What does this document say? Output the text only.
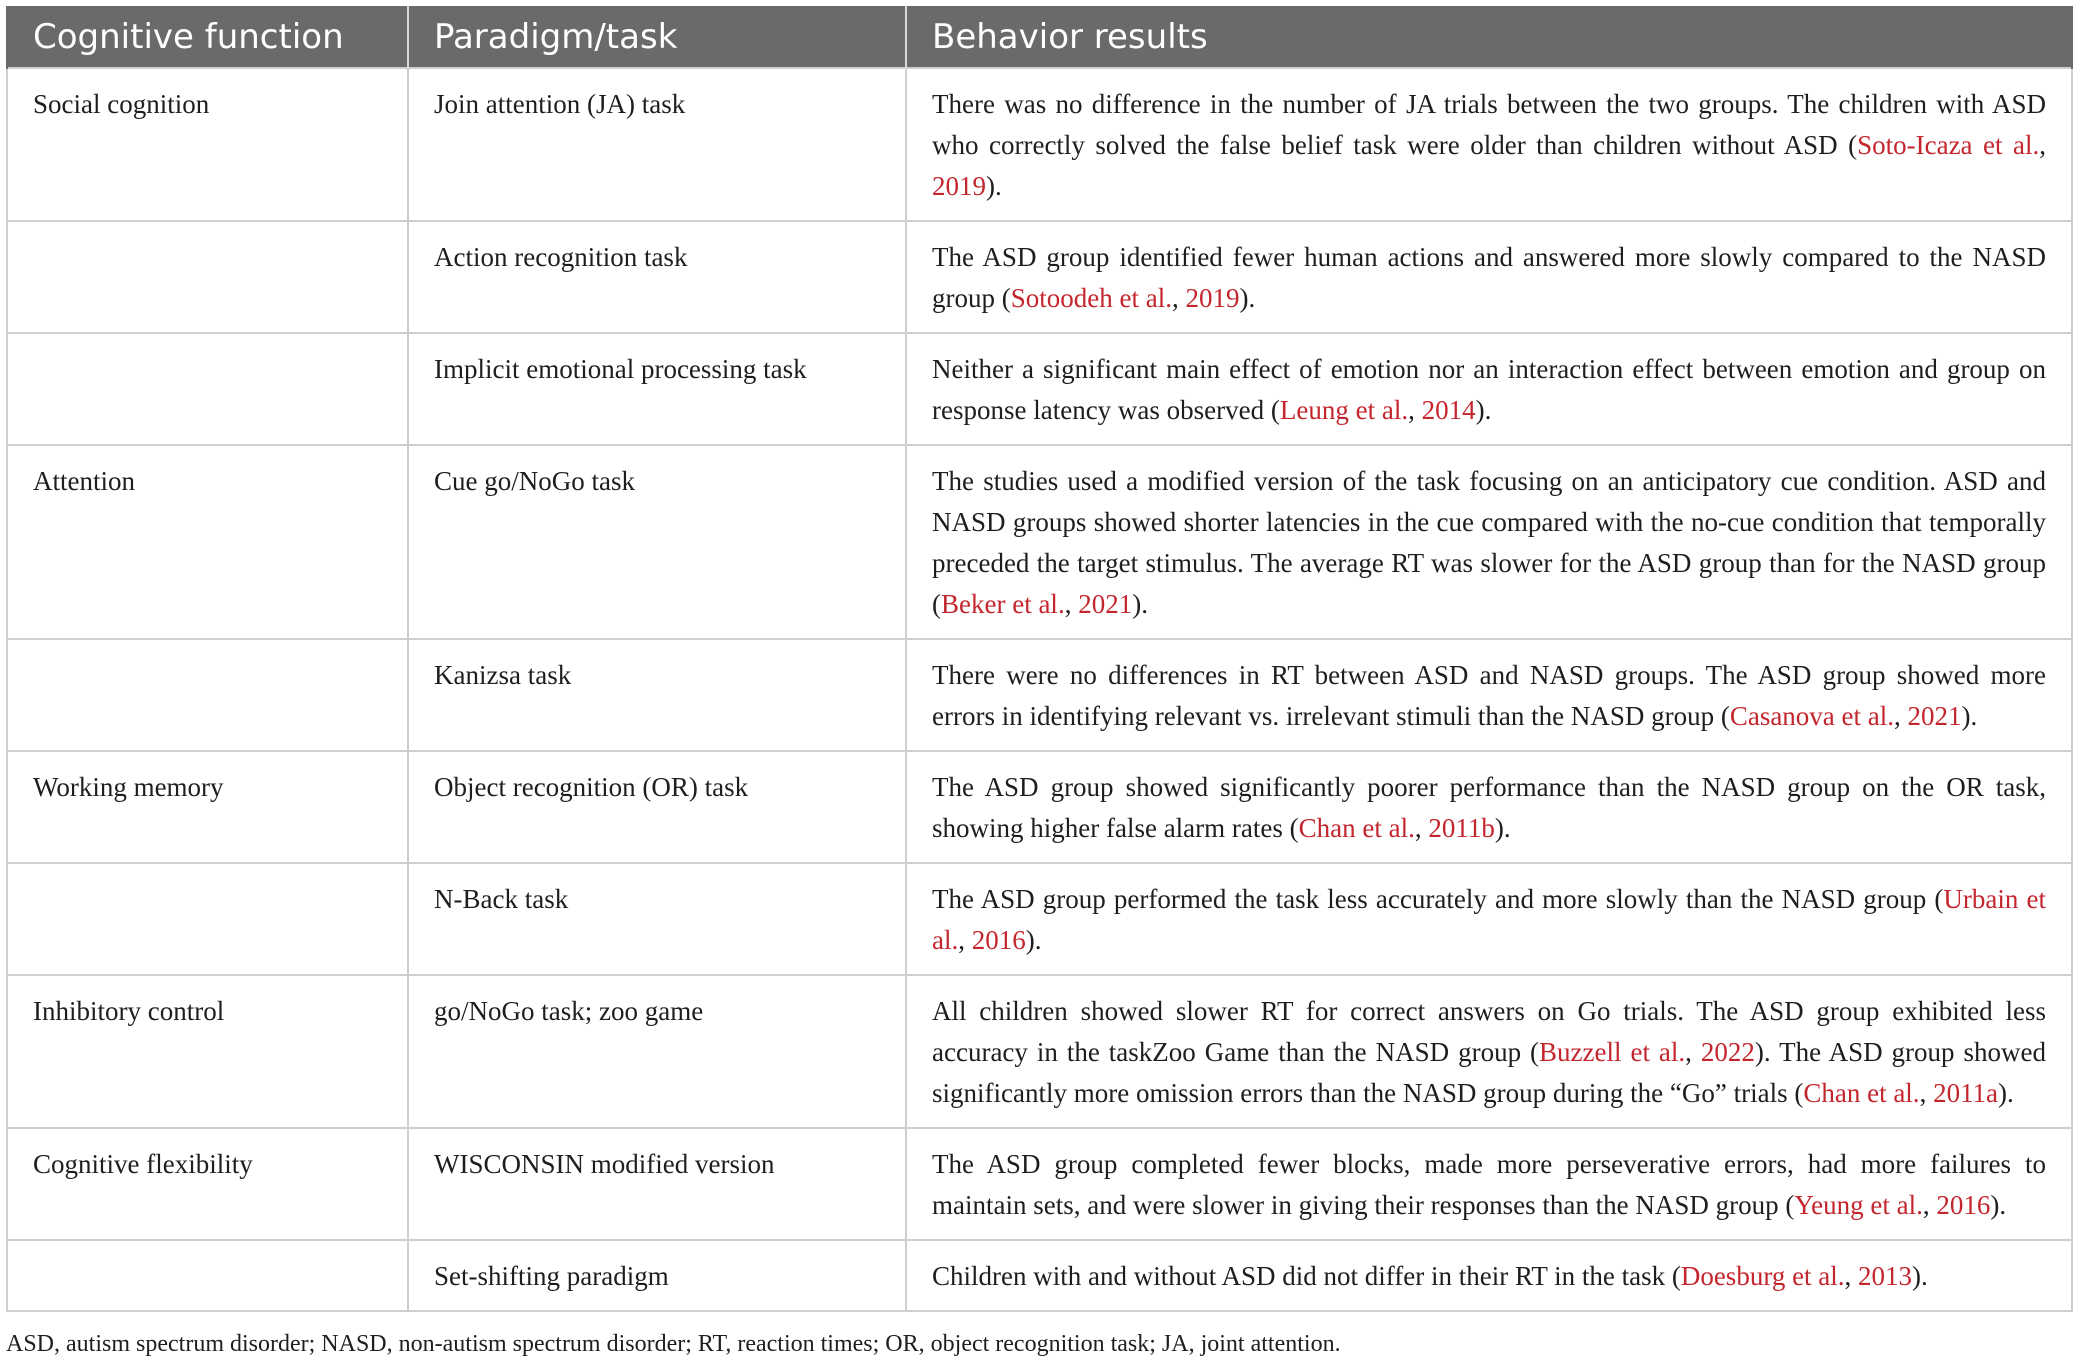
Cognitive function	Paradigm/task	Behavior results
Social cognition	Join attention (JA) task	There was no difference in the number of JA trials between the two groups. The children with ASD who correctly solved the false belief task were older than children without ASD (Soto-Icaza et al., 2019).
	Action recognition task	The ASD group identified fewer human actions and answered more slowly compared to the NASD group (Sotoodeh et al., 2019).
	Implicit emotional processing task	Neither a significant main effect of emotion nor an interaction effect between emotion and group on response latency was observed (Leung et al., 2014).
Attention	Cue go/NoGo task	The studies used a modified version of the task focusing on an anticipatory cue condition. ASD and NASD groups showed shorter latencies in the cue compared with the no-cue condition that temporally preceded the target stimulus. The average RT was slower for the ASD group than for the NASD group (Beker et al., 2021).
	Kanizsa task	There were no differences in RT between ASD and NASD groups. The ASD group showed more errors in identifying relevant vs. irrelevant stimuli than the NASD group (Casanova et al., 2021).
Working memory	Object recognition (OR) task	The ASD group showed significantly poorer performance than the NASD group on the OR task, showing higher false alarm rates (Chan et al., 2011b).
	N-Back task	The ASD group performed the task less accurately and more slowly than the NASD group (Urbain et al., 2016).
Inhibitory control	go/NoGo task; zoo game	All children showed slower RT for correct answers on Go trials. The ASD group exhibited less accuracy in the taskZoo Game than the NASD group (Buzzell et al., 2022). The ASD group showed significantly more omission errors than the NASD group during the “Go” trials (Chan et al., 2011a).
Cognitive flexibility	WISCONSIN modified version	The ASD group completed fewer blocks, made more perseverative errors, had more failures to maintain sets, and were slower in giving their responses than the NASD group (Yeung et al., 2016).
	Set-shifting paradigm	Children with and without ASD did not differ in their RT in the task (Doesburg et al., 2013).
ASD, autism spectrum disorder; NASD, non-autism spectrum disorder; RT, reaction times; OR, object recognition task; JA, joint attention.
